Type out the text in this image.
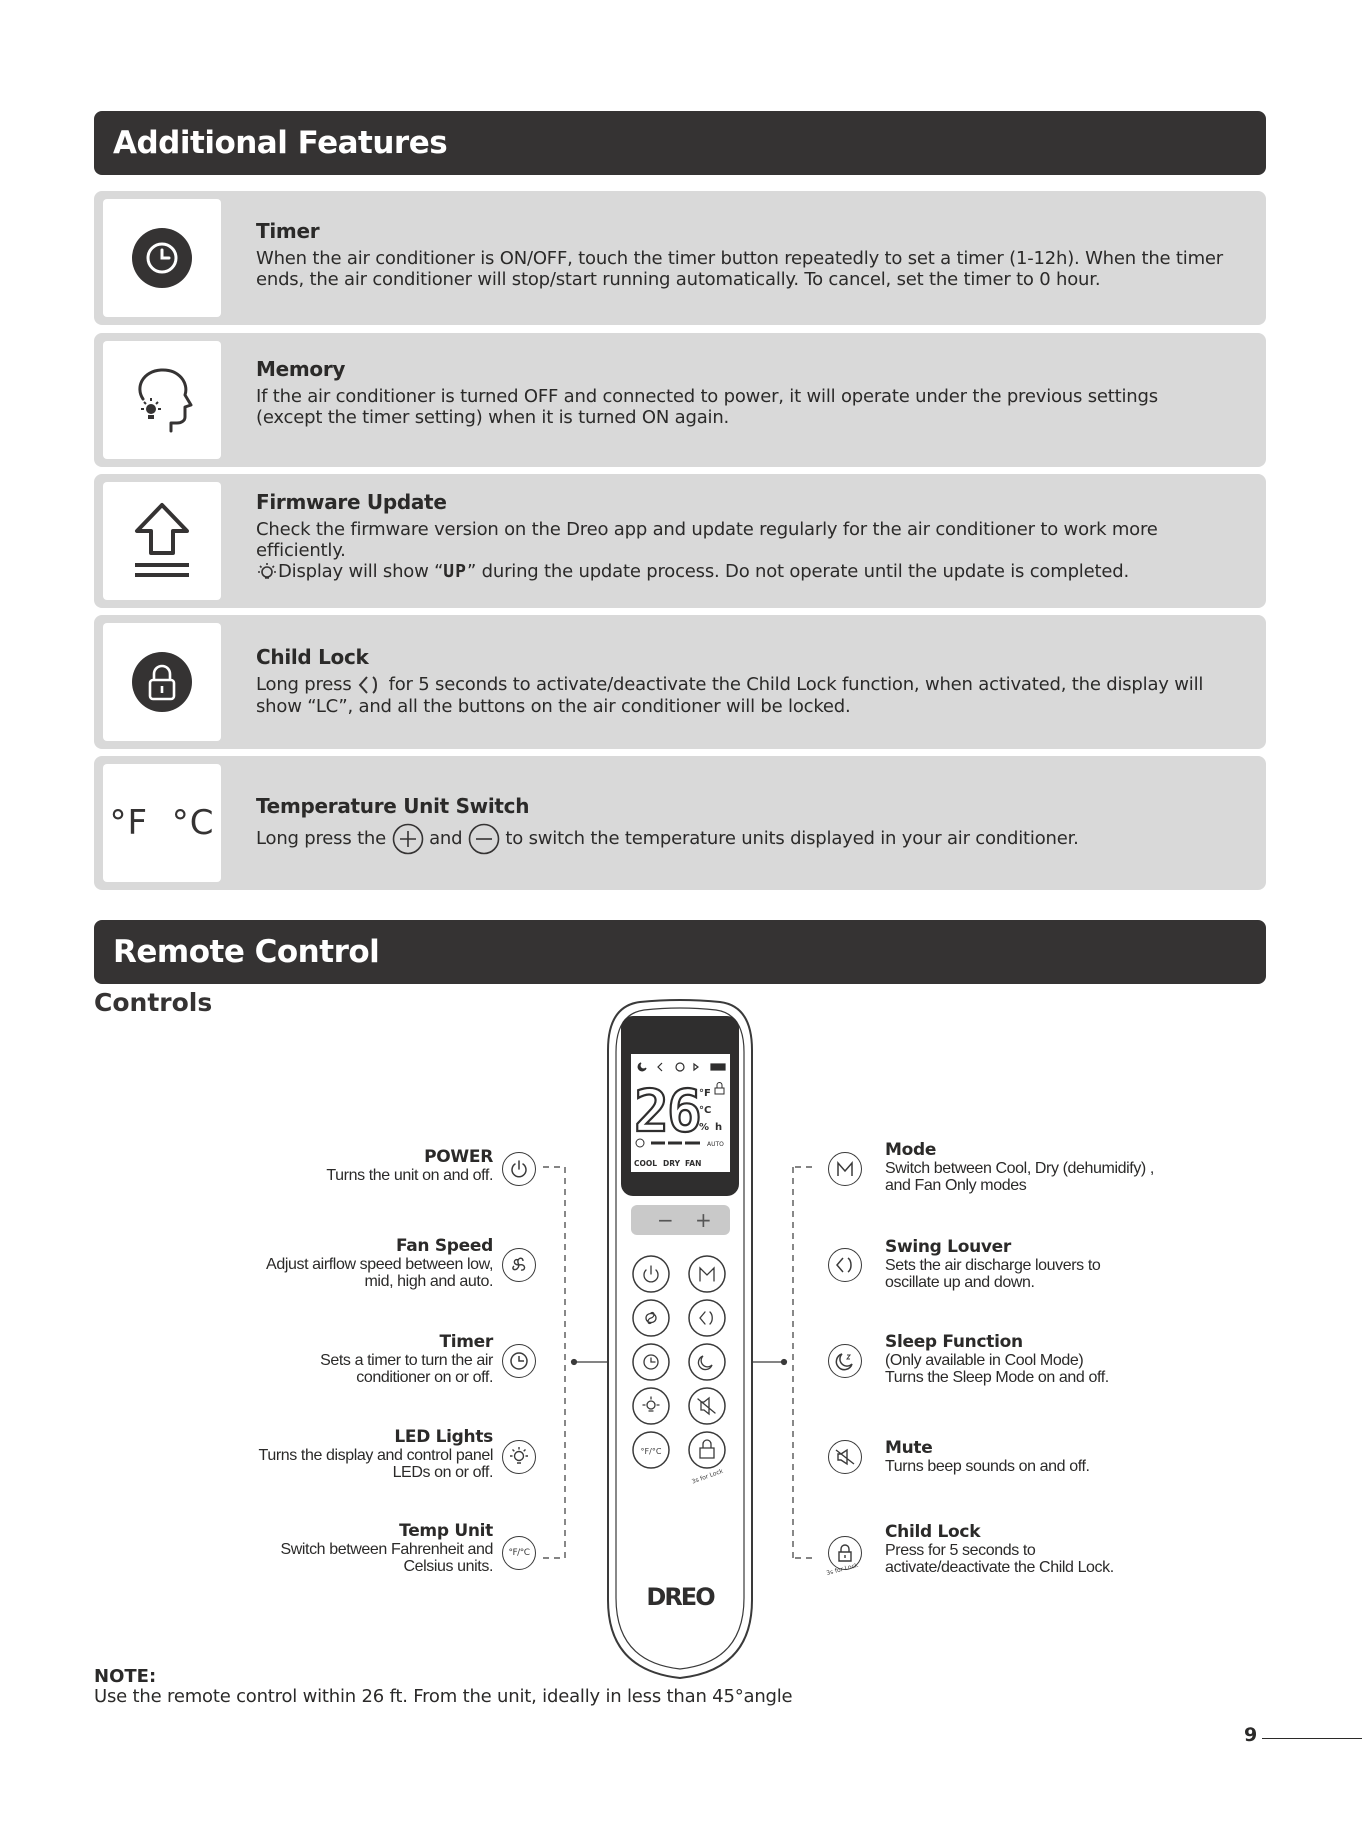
Additional Features
Timer
When the air conditioner is ON/OFF, touch the timer button repeatedly to set a timer (1-12h). When the timer ends, the air conditioner will stop/start running automatically. To cancel, set the timer to 0 hour.
Memory
If the air conditioner is turned OFF and connected to power, it will operate under the previous settings (except the timer setting) when it is turned ON again.
Firmware Update
Check the firmware version on the Dreo app and update regularly for the air conditioner to work more efficiently.
Display will show “UP” during the update process. Do not operate until the update is completed.
Child Lock
Long press for 5 seconds to activate/deactivate the Child Lock function, when activated, the display will show “LC”, and all the buttons on the air conditioner will be locked.
°F  °C Temperature Unit Switch
Long press the and to switch the temperature units displayed in your air conditioner.
Remote Control
Controls
26 °F
°C
% h
AUTO
COOL DRY FAN
− +
°F/°C
3s for Lock
DREO
POWER
Turns the unit on and off.
Fan Speed
Adjust airflow speed between low,
mid, high and auto.
Timer
Sets a timer to turn the air
conditioner on or off.
LED Lights
Turns the display and control panel
LEDs on or off.
Temp Unit
Switch between Fahrenheit and
Celsius units.
°F/°C
Mode
Switch between Cool, Dry (dehumidify) ,
and Fan Only modes
Swing Louver
Sets the air discharge louvers to
oscillate up and down.
Sleep Function
(Only available in Cool Mode)
Turns the Sleep Mode on and off.
Mute
Turns beep sounds on and off.
3s for Lock
Child Lock
Press for 5 seconds to
activate/deactivate the Child Lock.
NOTE:
Use the remote control within 26 ft. From the unit, ideally in less than 45°angle
9
